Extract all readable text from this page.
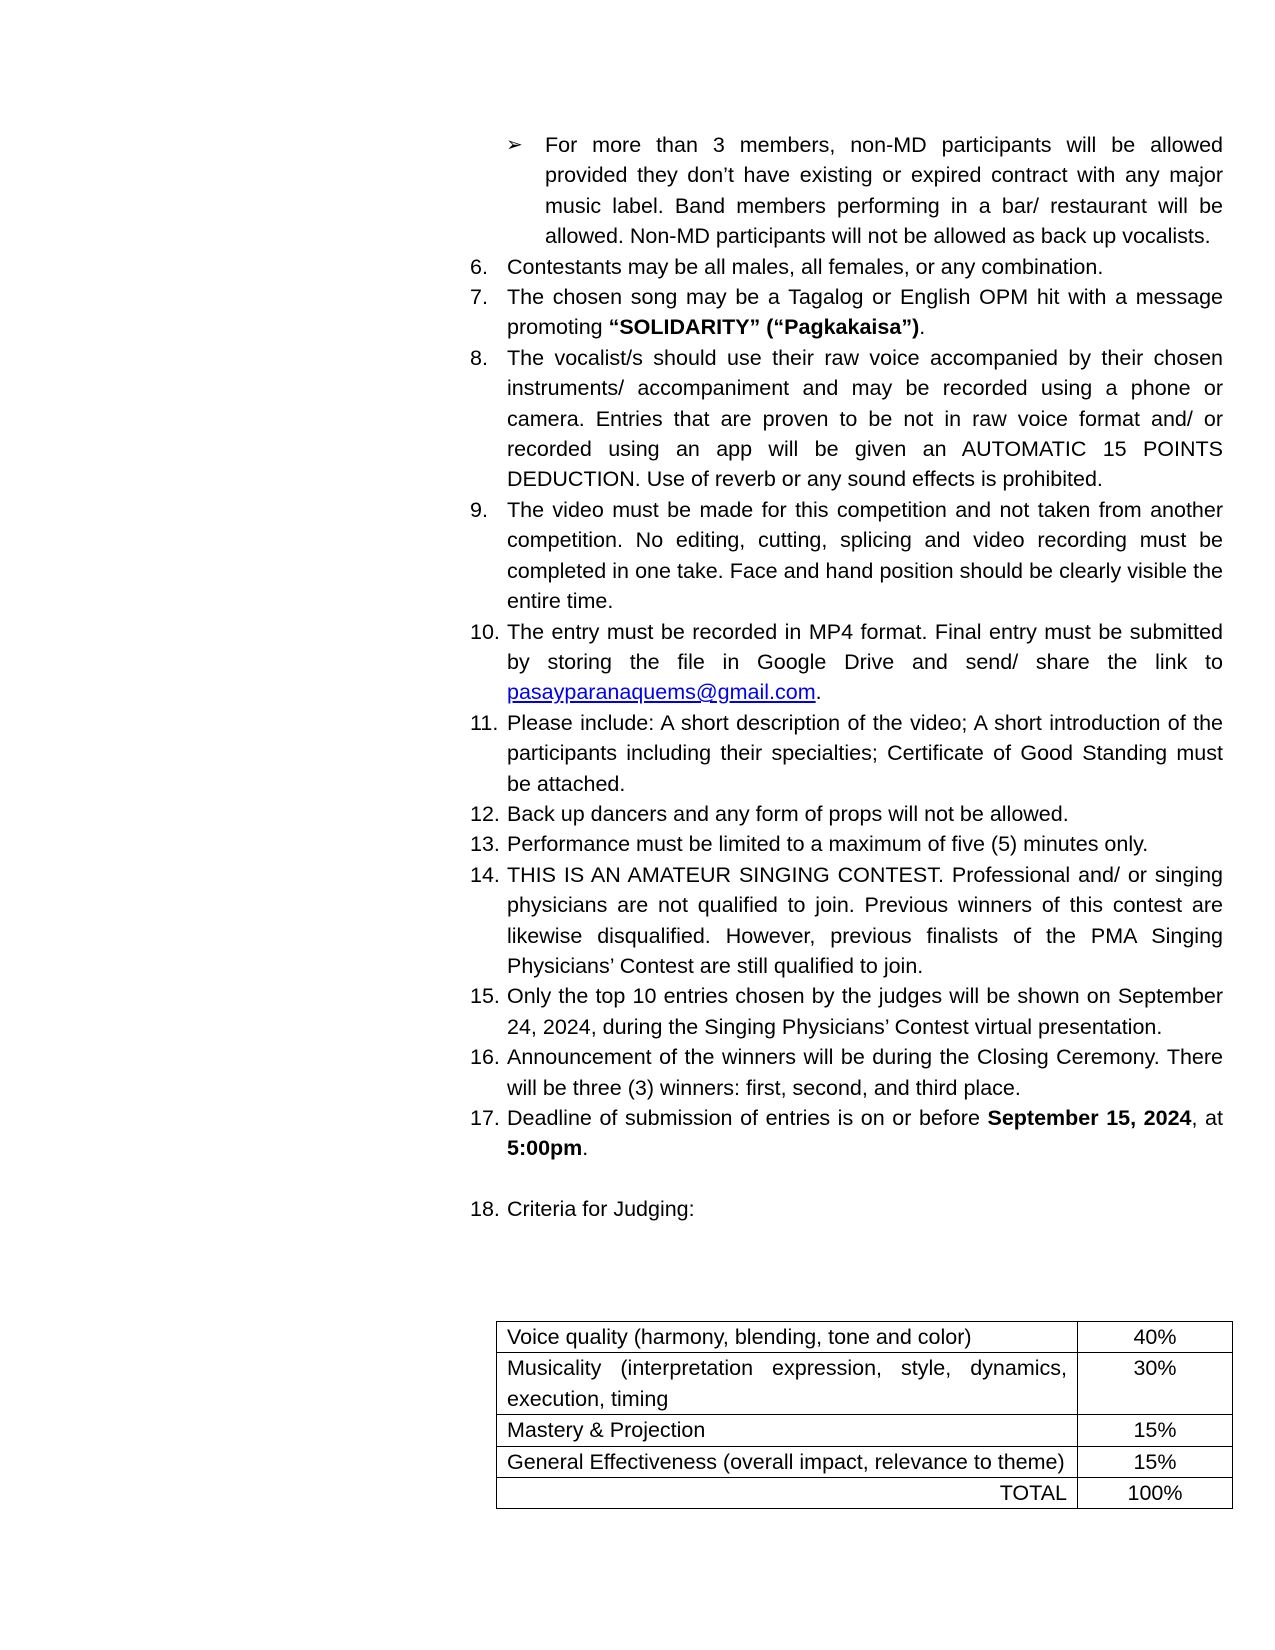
➢ For more than 3 members, non-MD participants will be allowed provided they don’t have existing or expired contract with any major music label. Band members performing in a bar/ restaurant will be allowed. Non-MD participants will not be allowed as back up vocalists.
6. Contestants may be all males, all females, or any combination.
7. The chosen song may be a Tagalog or English OPM hit with a message promoting “SOLIDARITY” (“Pagkakaisa”).
8. The vocalist/s should use their raw voice accompanied by their chosen instruments/ accompaniment and may be recorded using a phone or camera. Entries that are proven to be not in raw voice format and/ or recorded using an app will be given an AUTOMATIC 15 POINTS DEDUCTION. Use of reverb or any sound effects is prohibited.
9. The video must be made for this competition and not taken from another competition. No editing, cutting, splicing and video recording must be completed in one take. Face and hand position should be clearly visible the entire time.
10. The entry must be recorded in MP4 format. Final entry must be submitted by storing the file in Google Drive and send/ share the link to pasayparanaquems@gmail.com.
11. Please include: A short description of the video; A short introduction of the participants including their specialties; Certificate of Good Standing must be attached.
12. Back up dancers and any form of props will not be allowed.
13. Performance must be limited to a maximum of five (5) minutes only.
14. THIS IS AN AMATEUR SINGING CONTEST. Professional and/ or singing physicians are not qualified to join. Previous winners of this contest are likewise disqualified. However, previous finalists of the PMA Singing Physicians’ Contest are still qualified to join.
15. Only the top 10 entries chosen by the judges will be shown on September 24, 2024, during the Singing Physicians’ Contest virtual presentation.
16. Announcement of the winners will be during the Closing Ceremony. There will be three (3) winners: first, second, and third place.
17. Deadline of submission of entries is on or before September 15, 2024, at 5:00pm.
18. Criteria for Judging:
Voice quality (harmony, blending, tone and color)	40%
Musicality (interpretation expression, style, dynamics, execution, timing	30%
Mastery & Projection	15%
General Effectiveness (overall impact, relevance to theme)	15%
TOTAL	100%
